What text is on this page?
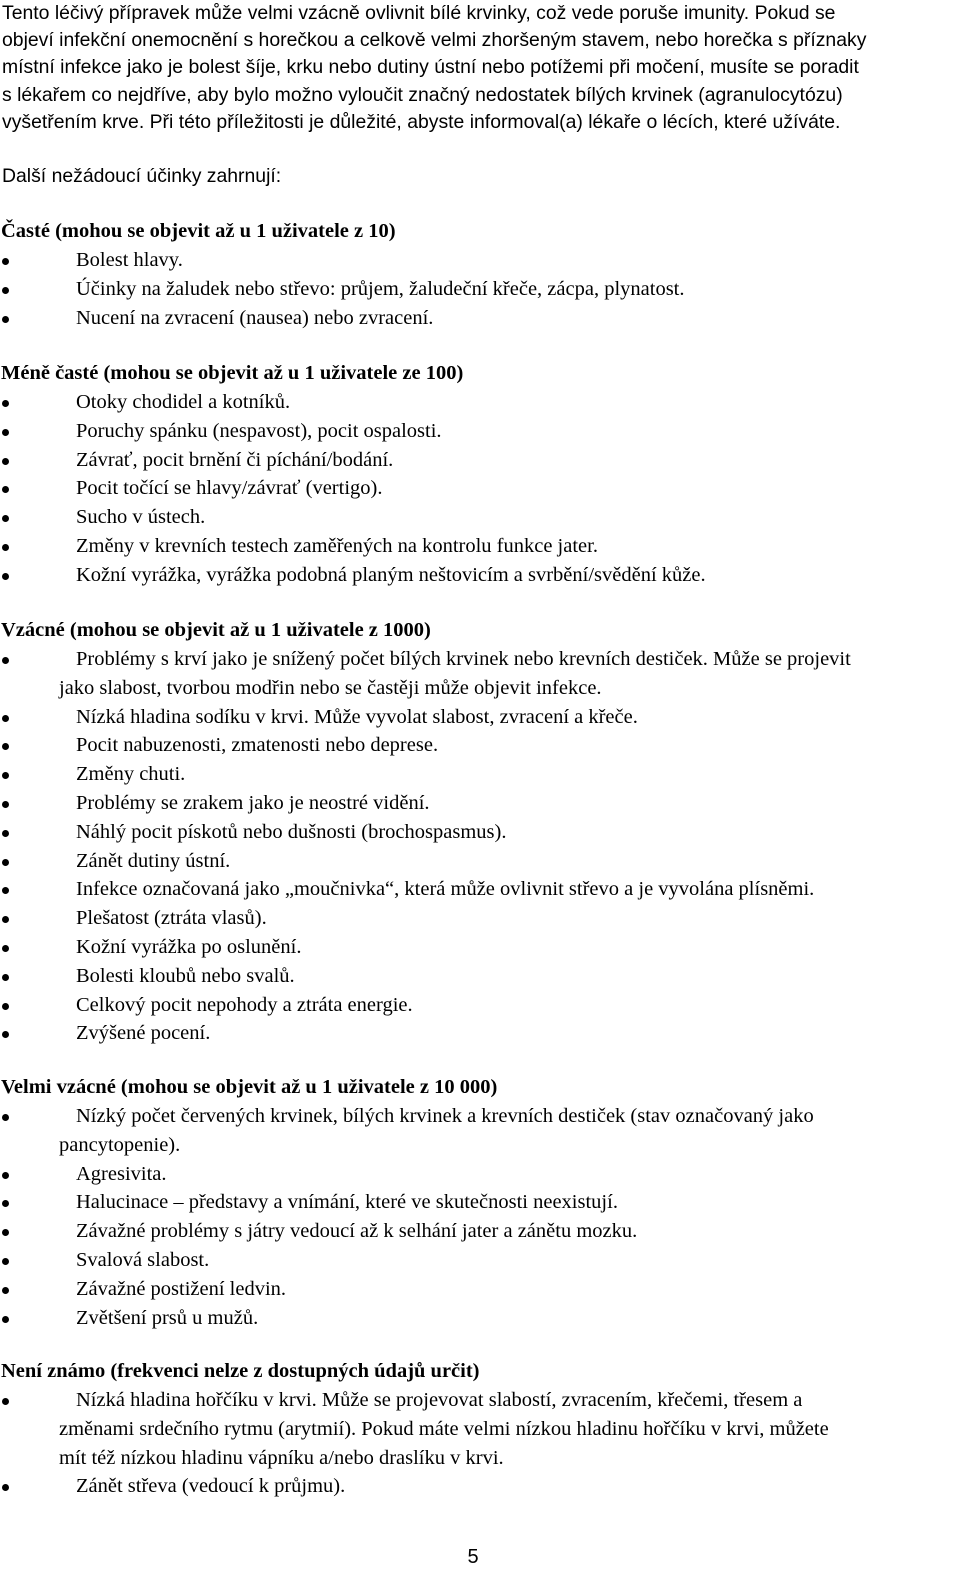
Tento léčivý přípravek může velmi vzácně ovlivnit bílé krvinky, což vede poruše imunity. Pokud se
objeví infekční onemocnění s horečkou a celkově velmi zhoršeným stavem, nebo horečka s příznaky
místní infekce jako je bolest šíje, krku nebo dutiny ústní nebo potížemi při močení, musíte se poradit
s lékařem co nejdříve, aby bylo možno vyloučit značný nedostatek bílých krvinek (agranulocytózu)
vyšetřením krve. Při této příležitosti je důležité, abyste informoval(a) lékaře o lécích, které užíváte.

Další nežádoucí účinky zahrnují:

Časté (mohou se objevit až u 1 uživatele z 10)

Bolest hlavy.
Účinky na žaludek nebo střevo: průjem, žaludeční křeče, zácpa, plynatost.
Nucení na zvracení (nausea) nebo zvracení.

Méně časté (mohou se objevit až u 1 uživatele ze 100)

Otoky chodidel a kotníků.
Poruchy spánku (nespavost), pocit ospalosti.
Závrať, pocit brnění či píchání/bodání.
Pocit točící se hlavy/závrať (vertigo).
Sucho v ústech.
Změny v krevních testech zaměřených na kontrolu funkce jater.
Kožní vyrážka, vyrážka podobná planým neštovicím a svrbění/svědění kůže.

Vzácné (mohou se objevit až u 1 uživatele z 1000)

Problémy s krví jako je snížený počet bílých krvinek nebo krevních destiček. Může se projevit
jako slabost, tvorbou modřin nebo se častěji může objevit infekce.
Nízká hladina sodíku v krvi. Může vyvolat slabost, zvracení a křeče.
Pocit nabuzenosti, zmatenosti nebo deprese.
Změny chuti.
Problémy se zrakem jako je neostré vidění.
Náhlý pocit pískotů nebo dušnosti (brochospasmus).
Zánět dutiny ústní.
Infekce označovaná jako „moučnivka“, která může ovlivnit střevo a je vyvolána plísněmi.
Plešatost (ztráta vlasů).
Kožní vyrážka po oslunění.
Bolesti kloubů nebo svalů.
Celkový pocit nepohody a ztráta energie.
Zvýšené pocení.

Velmi vzácné (mohou se objevit až u 1 uživatele z 10 000)

Nízký počet červených krvinek, bílých krvinek a krevních destiček (stav označovaný jako
pancytopenie).
Agresivita.
Halucinace – představy a vnímání, které ve skutečnosti neexistují.
Závažné problémy s játry vedoucí až k selhání jater a zánětu mozku.
Svalová slabost.
Závažné postižení ledvin.
Zvětšení prsů u mužů.

Není známo (frekvenci nelze z dostupných údajů určit)

Nízká hladina hořčíku v krvi. Může se projevovat slabostí, zvracením, křečemi, třesem a
změnami srdečního rytmu (arytmií). Pokud máte velmi nízkou hladinu hořčíku v krvi, můžete
mít též nízkou hladinu vápníku a/nebo draslíku v krvi.
Zánět střeva (vedoucí k průjmu).
5
